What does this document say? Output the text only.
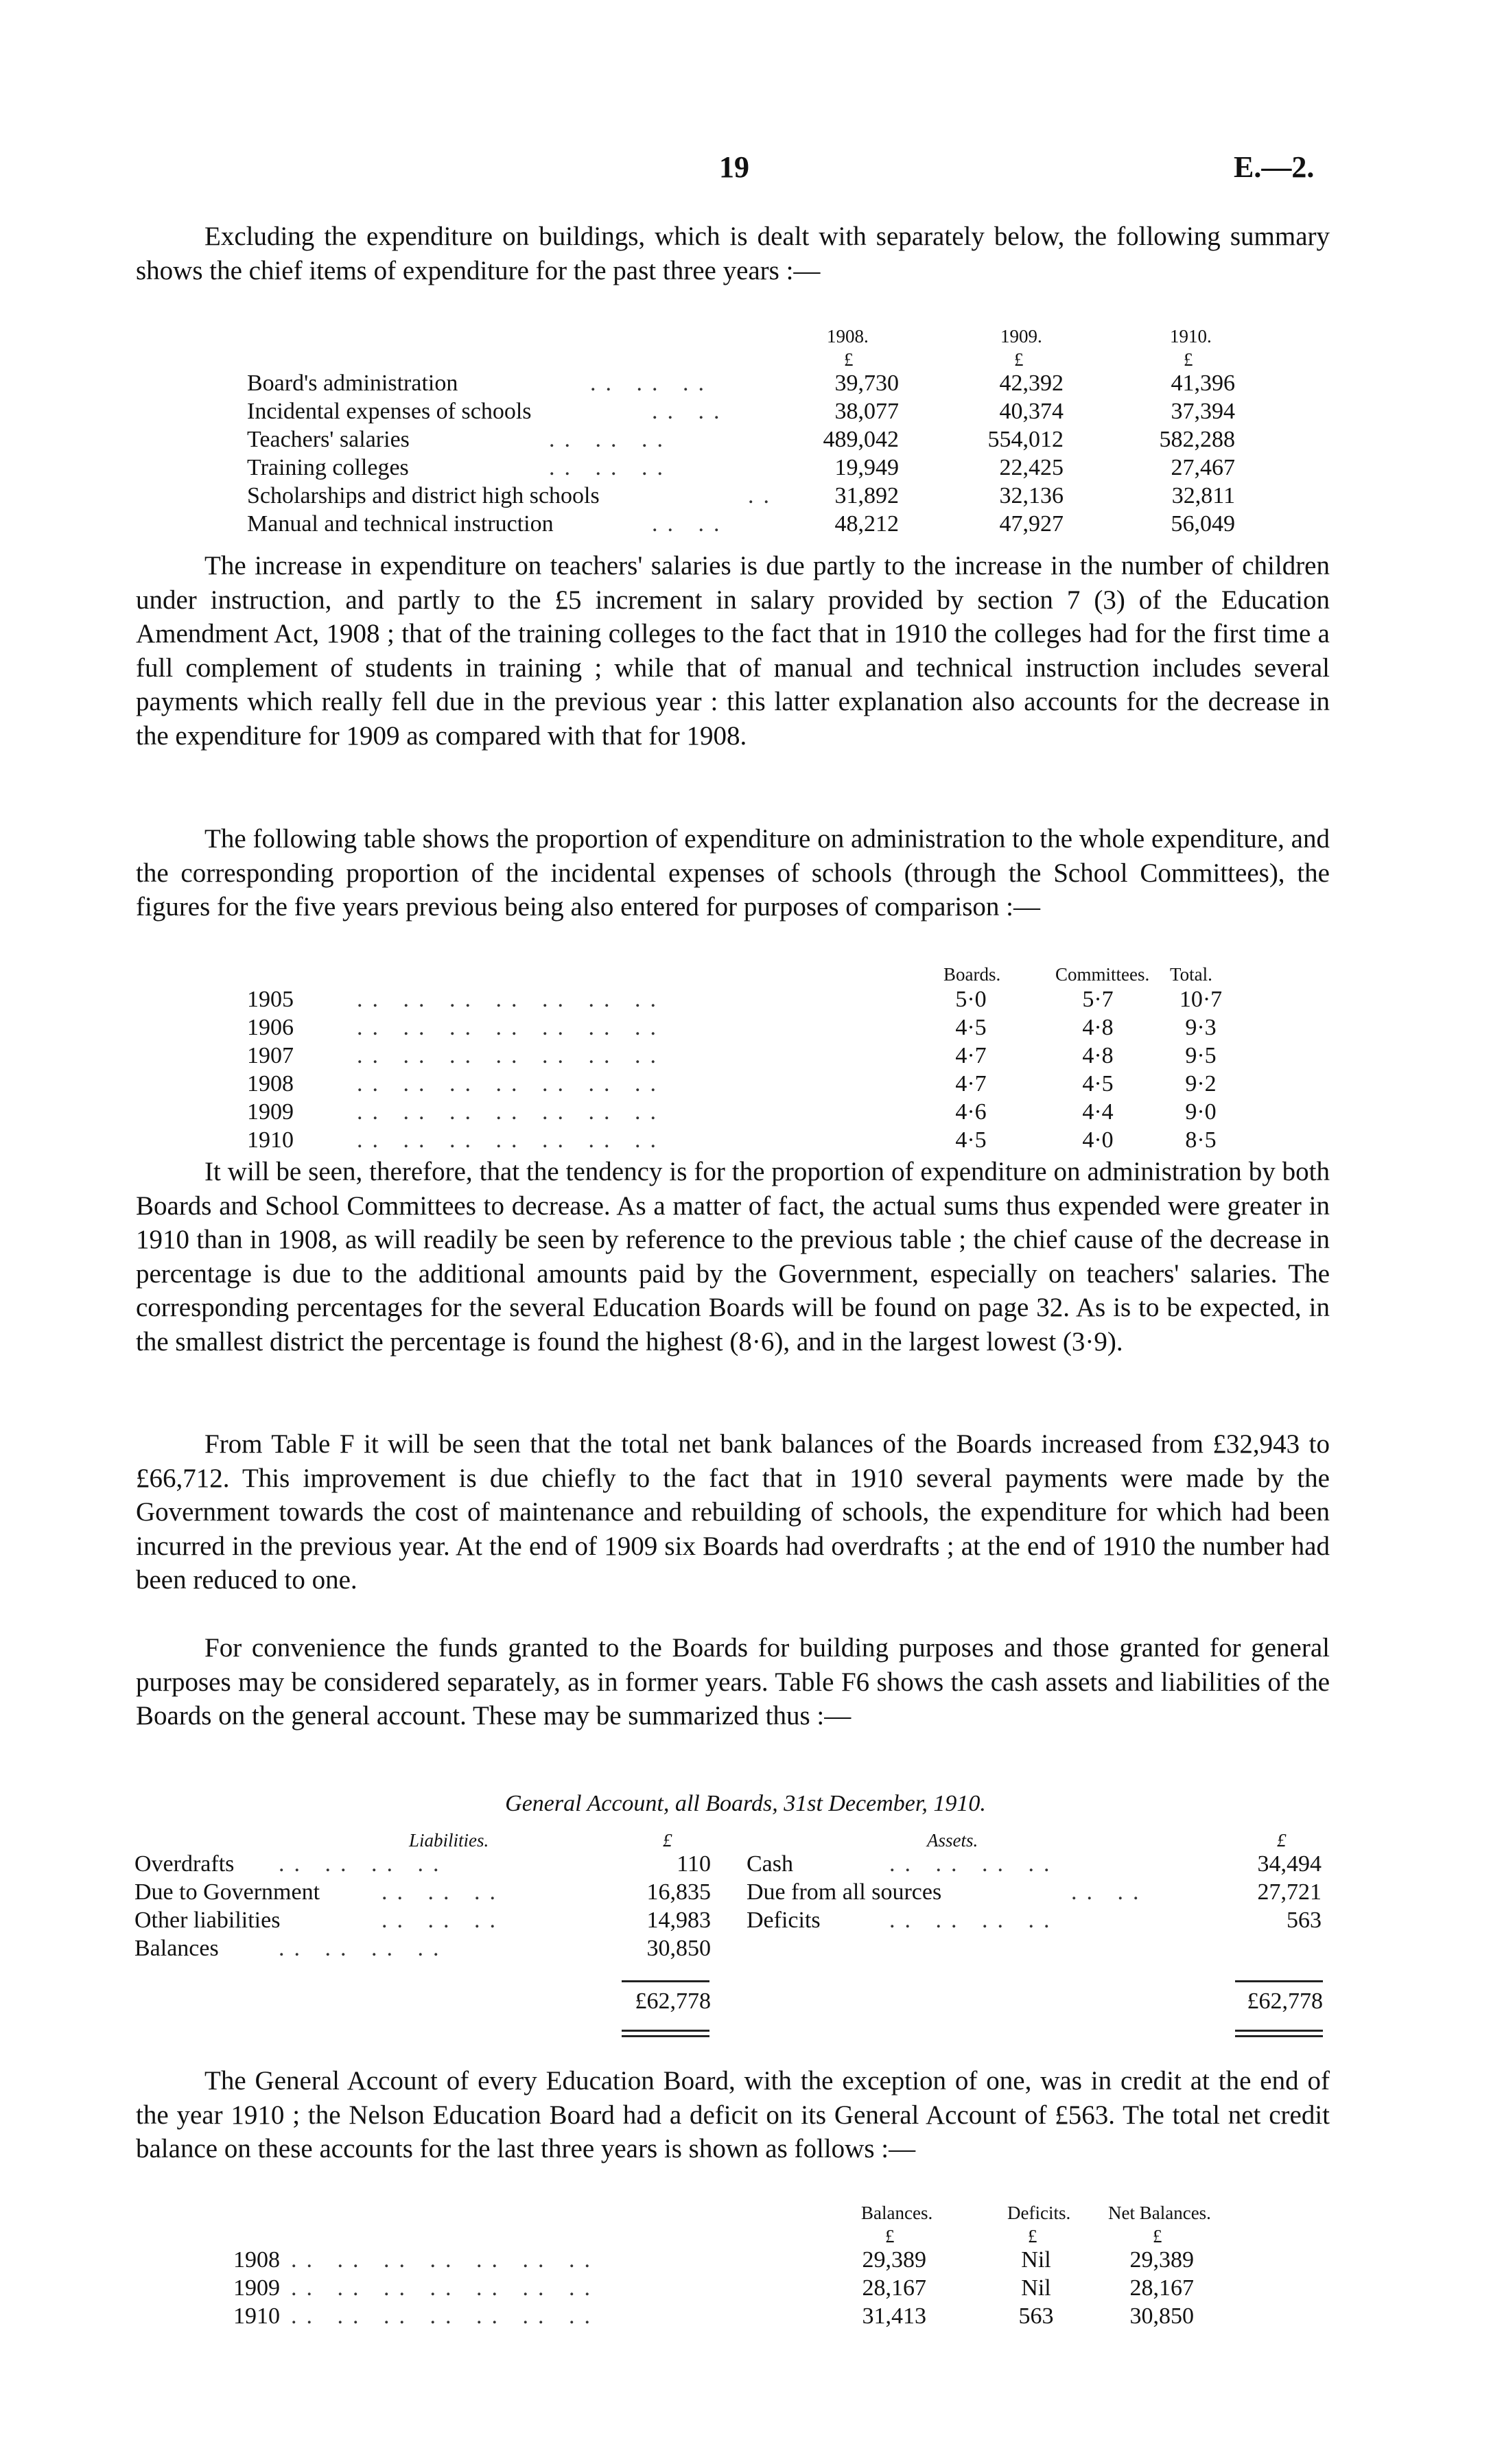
19	E.—2.

Excluding the expenditure on buildings, which is dealt with separately below, the following summary shows the chief items of expenditure for the past three years :—

1908.	1909.	1910.
£	£	£
Board's administration	.. .. ..	39,730	42,392	41,396
Incidental expenses of schools	.. ..	38,077	40,374	37,394
Teachers' salaries	.. .. ..	489,042	554,012	582,288
Training colleges	.. .. ..	19,949	22,425	27,467
Scholarships and district high schools	..	31,892	32,136	32,811
Manual and technical instruction	.. ..	48,212	47,927	56,049

The increase in expenditure on teachers' salaries is due partly to the increase in the number of children under instruction, and partly to the £5 increment in salary provided by section 7 (3) of the Education Amendment Act, 1908 ; that of the training colleges to the fact that in 1910 the colleges had for the first time a full complement of students in training ; while that of manual and technical instruction includes several payments which really fell due in the previous year : this latter explanation also accounts for the decrease in the expenditure for 1909 as compared with that for 1908.

The following table shows the proportion of expenditure on administration to the whole expenditure, and the corresponding proportion of the incidental expenses of schools (through the School Committees), the figures for the five years previous being also entered for purposes of comparison :—

Boards.	Committees. Total.
1905	.. .. .. .. .. .. ..	5·0	5·7	10·7
1906	.. .. .. .. .. .. ..	4·5	4·8	9·3
1907	.. .. .. .. .. .. ..	4·7	4·8	9·5
1908	.. .. .. .. .. .. ..	4·7	4·5	9·2
1909	.. .. .. .. .. .. ..	4·6	4·4	9·0
1910	.. .. .. .. .. .. ..	4·5	4·0	8·5

It will be seen, therefore, that the tendency is for the proportion of expenditure on administration by both Boards and School Committees to decrease. As a matter of fact, the actual sums thus expended were greater in 1910 than in 1908, as will readily be seen by reference to the previous table ; the chief cause of the decrease in percentage is due to the additional amounts paid by the Government, especially on teachers' salaries. The corresponding percentages for the several Education Boards will be found on page 32. As is to be expected, in the smallest district the percentage is found the highest (8·6), and in the largest lowest (3·9).

From Table F it will be seen that the total net bank balances of the Boards increased from £32,943 to £66,712. This improvement is due chiefly to the fact that in 1910 several payments were made by the Government towards the cost of maintenance and rebuilding of schools, the expenditure for which had been incurred in the previous year. At the end of 1909 six Boards had overdrafts ; at the end of 1910 the number had been reduced to one.

For convenience the funds granted to the Boards for building purposes and those granted for general purposes may be considered separately, as in former years. Table F6 shows the cash assets and liabilities of the Boards on the general account. These may be summarized thus :—

General Account, all Boards, 31st December, 1910.
Liabilities.	£	Assets.	£
Overdrafts .. .. .. ..	110 Cash	.. .. .. ..	34,494
Due to Government	.. .. ..	16,835 Due from all sources	.. ..	27,721
Other liabilities	.. .. ..	14,983 Deficits	.. .. .. ..	563
Balances	.. .. .. ..	30,850
£62,778	£62,778

The General Account of every Education Board, with the exception of one, was in credit at the end of the year 1910 ; the Nelson Education Board had a deficit on its General Account of £563. The total net credit balance on these accounts for the last three years is shown as follows :—

Balances.	Deficits. Net Balances.
£	£	£
1908 .. .. .. .. .. .. ..	29,389	Nil	29,389
1909 .. .. .. .. .. .. ..	28,167	Nil	28,167
1910 .. .. .. .. .. .. ..	31,413	563	30,850
